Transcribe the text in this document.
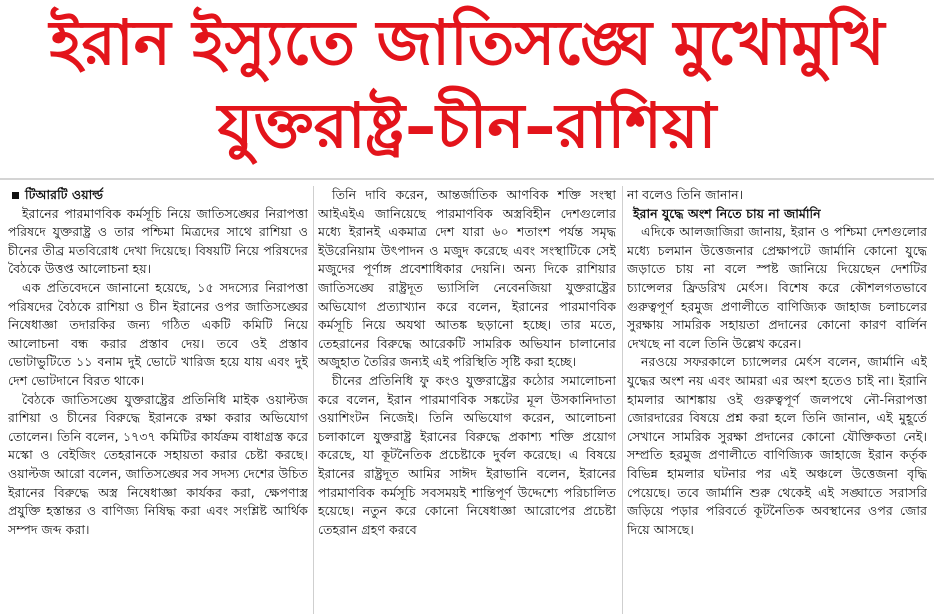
ইরান ইস্যুতে জাতিসঙ্ঘে মুখোমুখি
যুক্তরাষ্ট্র–চীন–রাশিয়া
টিআরটি ওয়ার্ল্ড

ইরানের পারমাণবিক কর্মসূচি নিয়ে জাতিসঙ্ঘের নিরাপত্তা পরিষদে যুক্তরাষ্ট্র ও তার পশ্চিমা মিত্রদের সাথে রাশিয়া ও চীনের তীব্র মতবিরোধ দেখা দিয়েছে। বিষয়টি নিয়ে পরিষদের বৈঠকে উত্তপ্ত আলোচনা হয়।

এক প্রতিবেদনে জানানো হয়েছে, ১৫ সদস্যের নিরাপত্তা পরিষদের বৈঠকে রাশিয়া ও চীন ইরানের ওপর জাতিসঙ্ঘের নিষেধাজ্ঞা তদারকির জন্য গঠিত একটি কমিটি নিয়ে আলোচনা বন্ধ করার প্রস্তাব দেয়। তবে ওই প্রস্তাব ভোটাভুটিতে ১১ বনাম দুই ভোটে খারিজ হয়ে যায় এবং দুই দেশ ভোটদানে বিরত থাকে।

বৈঠকে জাতিসঙ্ঘে যুক্তরাষ্ট্রের প্রতিনিধি মাইক ওয়াল্টজ রাশিয়া ও চীনের বিরুদ্ধে ইরানকে রক্ষা করার অভিযোগ তোলেন। তিনি বলেন, ১৭৩৭ কমিটির কার্যক্রম বাধাগ্রস্ত করে মস্কো ও বেইজিং তেহরানকে সহায়তা করার চেষ্টা করছে। ওয়াল্টজ আরো বলেন, জাতিসঙ্ঘের সব সদস্য দেশের উচিত ইরানের বিরুদ্ধে অস্ত্র নিষেধাজ্ঞা কার্যকর করা, ক্ষেপণাস্ত্র প্রযুক্তি হস্তান্তর ও বাণিজ্য নিষিদ্ধ করা এবং সংশ্লিষ্ট আর্থিক সম্পদ জব্দ করা।

তিনি দাবি করেন, আন্তর্জাতিক আণবিক শক্তি সংস্থা আইএইএ জানিয়েছে পারমাণবিক অস্ত্রবিহীন দেশগুলোর মধ্যে ইরানই একমাত্র দেশ যারা ৬০ শতাংশ পর্যন্ত সমৃদ্ধ ইউরেনিয়াম উৎপাদন ও মজুদ করেছে এবং সংস্থাটিকে সেই মজুদের পূর্ণাঙ্গ প্রবেশাধিকার দেয়নি। অন্য দিকে রাশিয়ার জাতিসঙ্ঘে রাষ্ট্রদূত ভ্যাসিলি নেবেনজিয়া যুক্তরাষ্ট্রের অভিযোগ প্রত্যাখ্যান করে বলেন, ইরানের পারমাণবিক কর্মসূচি নিয়ে অযথা আতঙ্ক ছড়ানো হচ্ছে। তার মতে, তেহরানের বিরুদ্ধে আরেকটি সামরিক অভিযান চালানোর অজুহাত তৈরির জন্যই এই পরিস্থিতি সৃষ্টি করা হচ্ছে।

চীনের প্রতিনিধি ফু কংও যুক্তরাষ্ট্রের কঠোর সমালোচনা করে বলেন, ইরান পারমাণবিক সঙ্কটের মূল উসকানিদাতা ওয়াশিংটন নিজেই। তিনি অভিযোগ করেন, আলোচনা চলাকালে যুক্তরাষ্ট্র ইরানের বিরুদ্ধে প্রকাশ্য শক্তি প্রয়োগ করেছে, যা কূটনৈতিক প্রচেষ্টাকে দুর্বল করেছে। এ বিষয়ে ইরানের রাষ্ট্রদূত আমির সাঈদ ইরাভানি বলেন, ইরানের পারমাণবিক কর্মসূচি সবসময়ই শান্তিপূর্ণ উদ্দেশ্যে পরিচালিত হয়েছে। নতুন করে কোনো নিষেধাজ্ঞা আরোপের প্রচেষ্টা তেহরান গ্রহণ করবে

না বলেও তিনি জানান।

ইরান যুদ্ধে অংশ নিতে চায় না জার্মানি

এদিকে আলজাজিরা জানায়, ইরান ও পশ্চিমা দেশগুলোর মধ্যে চলমান উত্তেজনার প্রেক্ষাপটে জার্মানি কোনো যুদ্ধে জড়াতে চায় না বলে স্পষ্ট জানিয়ে দিয়েছেন দেশটির চ্যান্সেলর ফ্রিডরিখ মের্ৎস। বিশেষ করে কৌশলগতভাবে গুরুত্বপূর্ণ হরমুজ প্রণালীতে বাণিজ্যিক জাহাজ চলাচলের সুরক্ষায় সামরিক সহায়তা প্রদানের কোনো কারণ বার্লিন দেখছে না বলে তিনি উল্লেখ করেন।

নরওয়ে সফরকালে চ্যান্সেলর মের্ৎস বলেন, জার্মানি এই যুদ্ধের অংশ নয় এবং আমরা এর অংশ হতেও চাই না। ইরানি হামলার আশঙ্কায় ওই গুরুত্বপূর্ণ জলপথে নৌ-নিরাপত্তা জোরদারের বিষয়ে প্রশ্ন করা হলে তিনি জানান, এই মুহূর্তে সেখানে সামরিক সুরক্ষা প্রদানের কোনো যৌক্তিকতা নেই। সম্প্রতি হরমুজ প্রণালীতে বাণিজ্যিক জাহাজে ইরান কর্তৃক বিভিন্ন হামলার ঘটনার পর এই অঞ্চলে উত্তেজনা বৃদ্ধি পেয়েছে। তবে জার্মানি শুরু থেকেই এই সঙ্ঘাতে সরাসরি জড়িয়ে পড়ার পরিবর্তে কূটনৈতিক অবস্থানের ওপর জোর দিয়ে আসছে।
